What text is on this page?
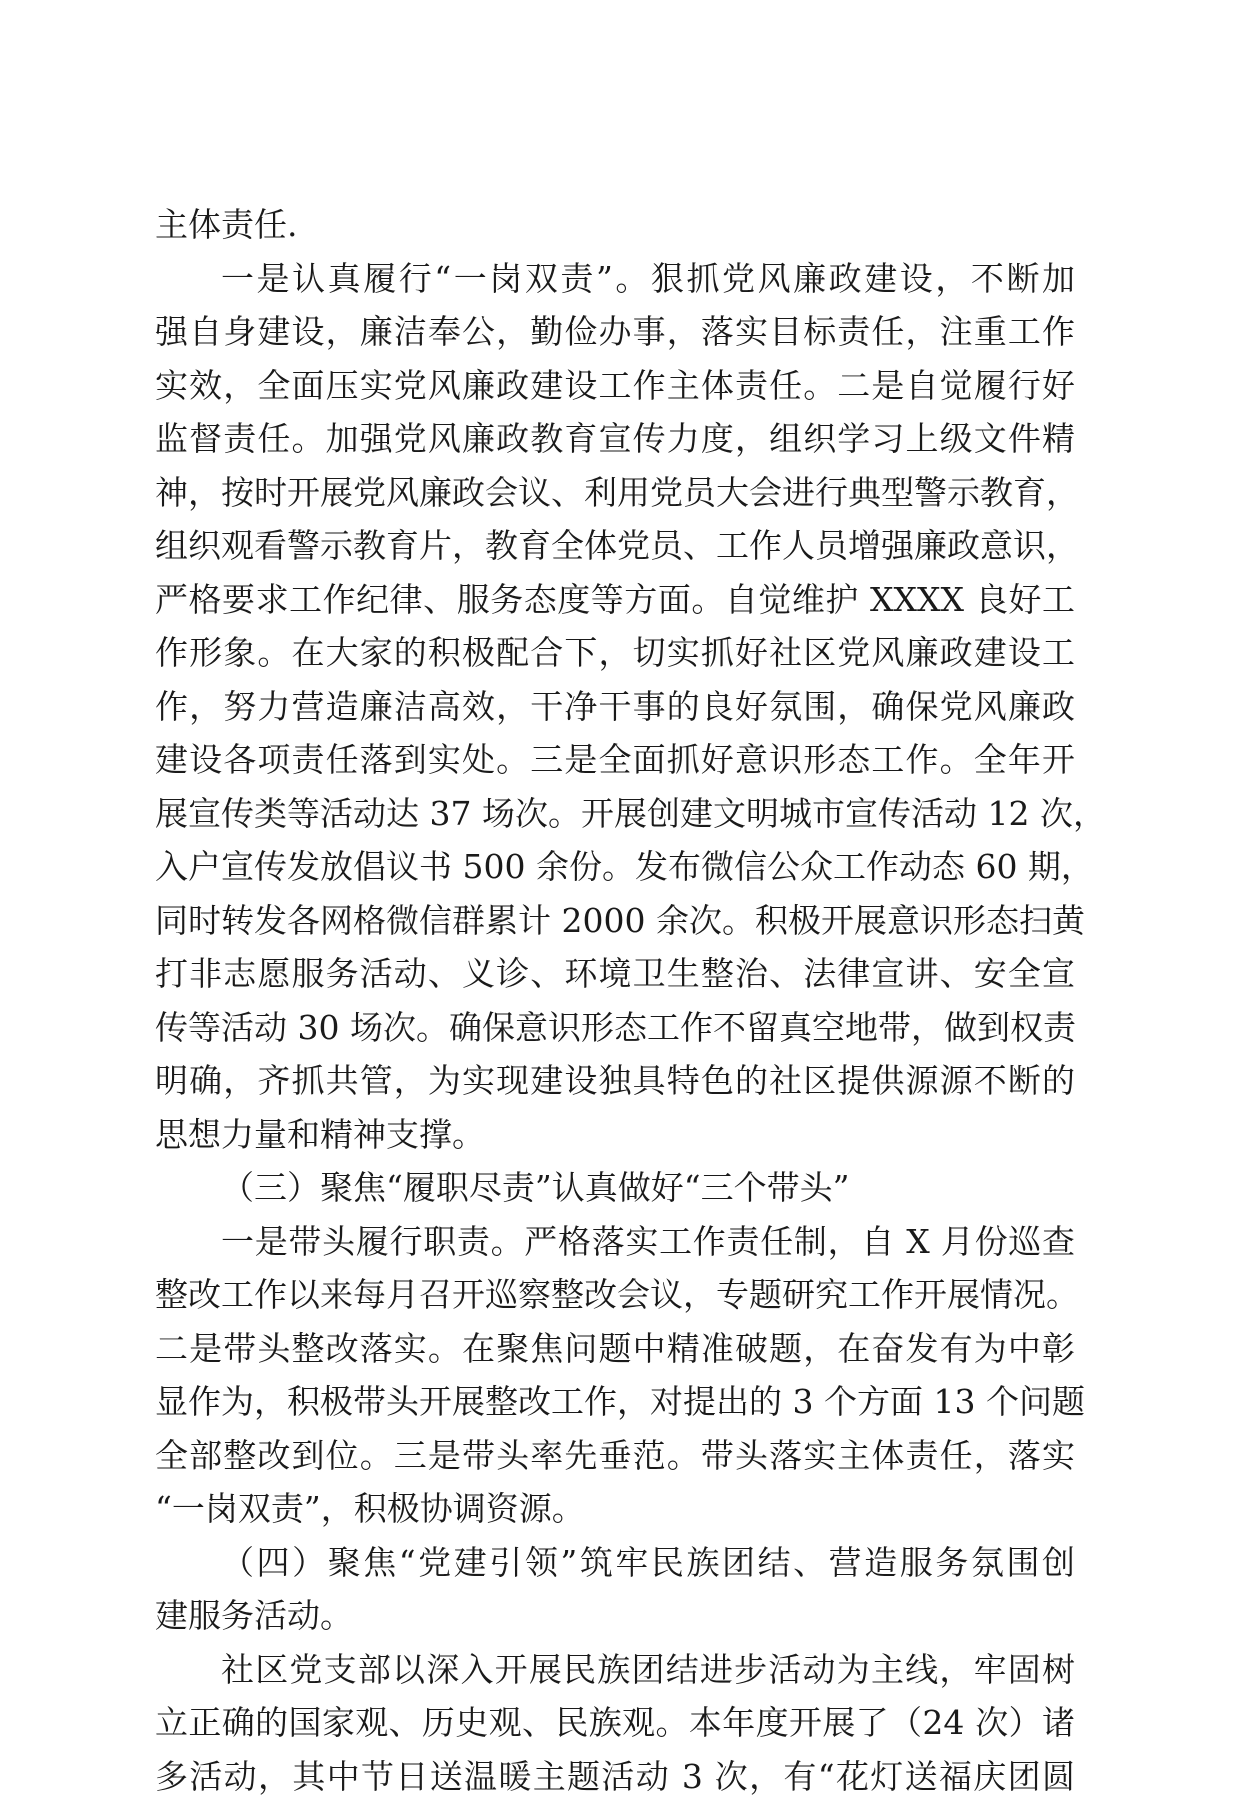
主体责任.
一是认真履行“一岗双责”。狠抓党风廉政建设，不断加
强自身建设，廉洁奉公，勤俭办事，落实目标责任，注重工作
实效，全面压实党风廉政建设工作主体责任。二是自觉履行好
监督责任。加强党风廉政教育宣传力度，组织学习上级文件精
神，按时开展党风廉政会议、利用党员大会进行典型警示教育，
组织观看警示教育片，教育全体党员、工作人员增强廉政意识，
严格要求工作纪律、服务态度等方面。自觉维护 XXXX 良好工
作形象。在大家的积极配合下，切实抓好社区党风廉政建设工
作，努力营造廉洁高效，干净干事的良好氛围，确保党风廉政
建设各项责任落到实处。三是全面抓好意识形态工作。全年开
展宣传类等活动达 37 场次。开展创建文明城市宣传活动 12 次，
入户宣传发放倡议书 500 余份。发布微信公众工作动态 60 期，
同时转发各网格微信群累计 2000 余次。积极开展意识形态扫黄
打非志愿服务活动、义诊、环境卫生整治、法律宣讲、安全宣
传等活动 30 场次。确保意识形态工作不留真空地带，做到权责
明确，齐抓共管，为实现建设独具特色的社区提供源源不断的
思想力量和精神支撑。
（三）聚焦“履职尽责”认真做好“三个带头”
一是带头履行职责。严格落实工作责任制，自 X 月份巡查
整改工作以来每月召开巡察整改会议，专题研究工作开展情况。
二是带头整改落实。在聚焦问题中精准破题，在奋发有为中彰
显作为，积极带头开展整改工作，对提出的 3 个方面 13 个问题
全部整改到位。三是带头率先垂范。带头落实主体责任，落实
“一岗双责”，积极协调资源。
（四）聚焦“党建引领”筑牢民族团结、营造服务氛围创
建服务活动。
社区党支部以深入开展民族团结进步活动为主线，牢固树
立正确的国家观、历史观、民族观。本年度开展了（24 次）诸
多活动，其中节日送温暖主题活动 3 次，有“花灯送福庆团圆
